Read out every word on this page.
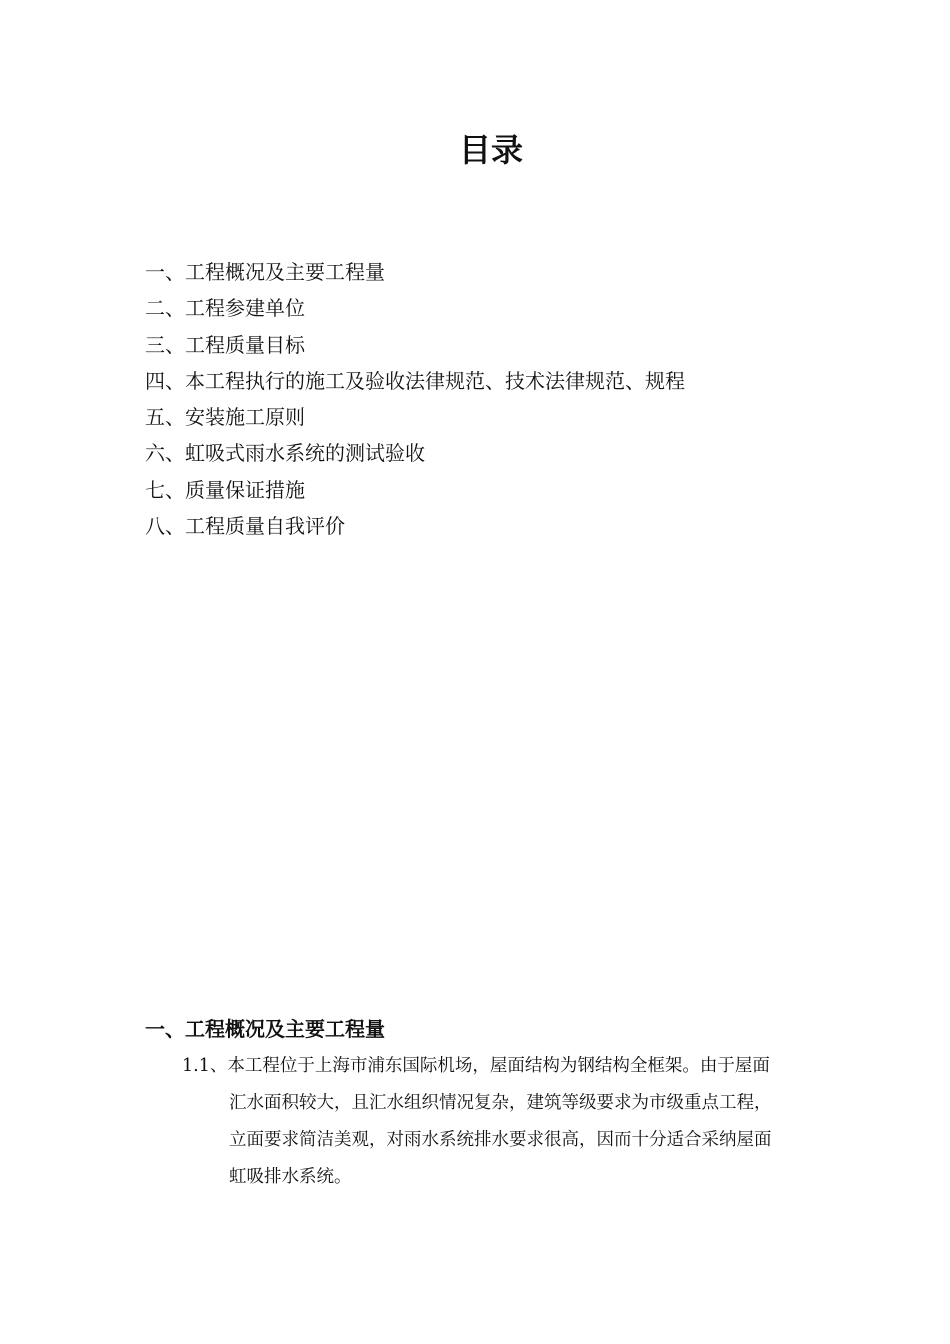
目录
一、工程概况及主要工程量
二、工程参建单位
三、工程质量目标
四、本工程执行的施工及验收法律规范、技术法律规范、规程
五、安装施工原则
六、虹吸式雨水系统的测试验收
七、质量保证措施
八、工程质量自我评价
一、工程概况及主要工程量
1.1、本工程位于上海市浦东国际机场，屋面结构为钢结构全框架。由于屋面
汇水面积较大，且汇水组织情况复杂，建筑等级要求为市级重点工程，
立面要求简洁美观，对雨水系统排水要求很高，因而十分适合采纳屋面
虹吸排水系统。
